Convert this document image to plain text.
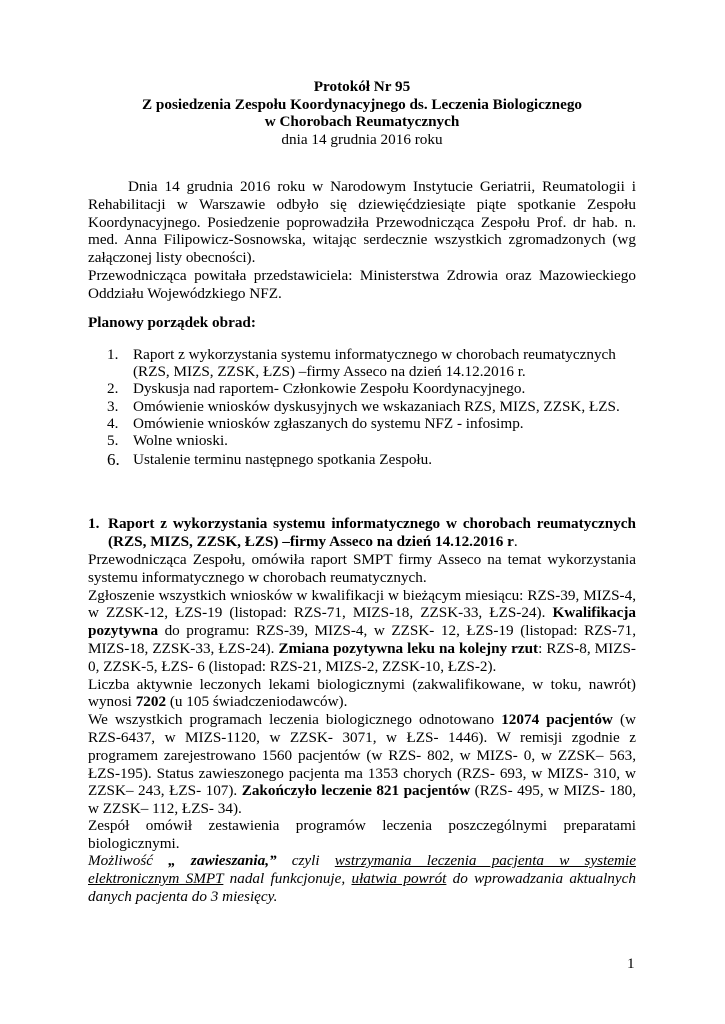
Protokół Nr 95
Z posiedzenia Zespołu Koordynacyjnego ds. Leczenia Biologicznego
w Chorobach Reumatycznych
dnia 14 grudnia 2016 roku

Dnia 14 grudnia 2016 roku w Narodowym Instytucie Geriatrii, Reumatologii i Rehabilitacji w Warszawie odbyło się dziewięćdziesiąte piąte spotkanie Zespołu Koordynacyjnego. Posiedzenie poprowadziła Przewodnicząca Zespołu Prof. dr hab. n. med. Anna Filipowicz-Sosnowska, witając serdecznie wszystkich zgromadzonych (wg załączonej listy obecności).

Przewodnicząca powitała przedstawiciela: Ministerstwa Zdrowia oraz Mazowieckiego Oddziału Wojewódzkiego NFZ.

Planowy porządek obrad:
1. Raport z wykorzystania systemu informatycznego w chorobach reumatycznych (RZS, MIZS, ZZSK, ŁZS) –firmy Asseco na dzień 14.12.2016 r.
2. Dyskusja nad raportem- Członkowie Zespołu Koordynacyjnego.
3. Omówienie wniosków dyskusyjnych we wskazaniach RZS, MIZS, ZZSK, ŁZS.
4. Omówienie wniosków zgłaszanych do systemu NFZ - infosimp.
5. Wolne wnioski.
6. Ustalenie terminu następnego spotkania Zespołu.
1. Raport z wykorzystania systemu informatycznego w chorobach reumatycznych (RZS, MIZS, ZZSK, ŁZS) –firmy Asseco na dzień 14.12.2016 r.

Przewodnicząca Zespołu, omówiła raport SMPT firmy Asseco na temat wykorzystania systemu informatycznego w chorobach reumatycznych.

Zgłoszenie wszystkich wniosków w kwalifikacji w bieżącym miesiącu: RZS-39, MIZS-4, w ZZSK-12, ŁZS-19 (listopad: RZS-71, MIZS-18, ZZSK-33, ŁZS-24). Kwalifikacja pozytywna do programu: RZS-39, MIZS-4, w ZZSK- 12, ŁZS-19 (listopad: RZS-71, MIZS-18, ZZSK-33, ŁZS-24). Zmiana pozytywna leku na kolejny rzut: RZS-8, MIZS-0, ZZSK-5, ŁZS- 6 (listopad: RZS-21, MIZS-2, ZZSK-10, ŁZS-2).

Liczba aktywnie leczonych lekami biologicznymi (zakwalifikowane, w toku, nawrót) wynosi 7202 (u 105 świadczeniodawców).

We wszystkich programach leczenia biologicznego odnotowano 12074 pacjentów (w RZS-6437, w MIZS-1120, w ZZSK- 3071, w ŁZS- 1446). W remisji zgodnie z programem zarejestrowano 1560 pacjentów (w RZS- 802, w MIZS- 0, w ZZSK– 563, ŁZS-195). Status zawieszonego pacjenta ma 1353 chorych (RZS- 693, w MIZS- 310, w ZZSK– 243, ŁZS- 107). Zakończyło leczenie 821 pacjentów (RZS- 495, w MIZS- 180, w ZZSK– 112, ŁZS- 34).

Zespół omówił zestawienia programów leczenia poszczególnymi preparatami biologicznymi.

Możliwość „ zawieszania,” czyli wstrzymania leczenia pacjenta w systemie elektronicznym SMPT nadal funkcjonuje, ułatwia powrót do wprowadzania aktualnych danych pacjenta do 3 miesięcy.

1
